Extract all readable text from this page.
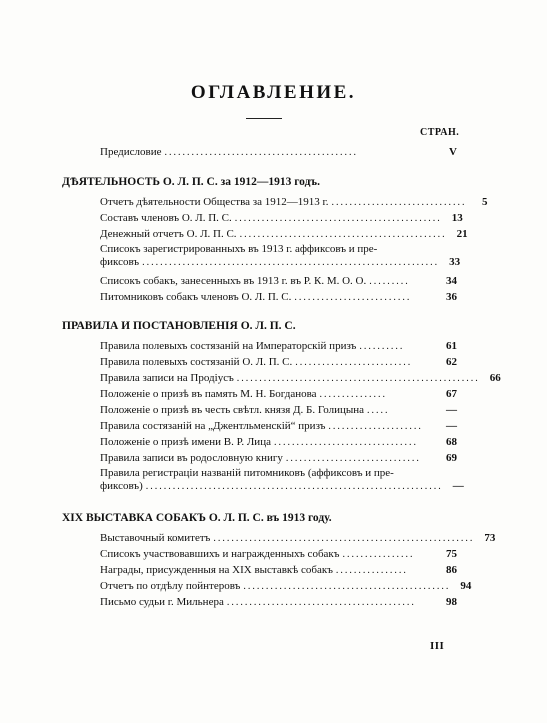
ОГЛАВЛЕНИЕ.
СТРАН.
Предисловие ...........................................	V
ДѢЯТЕЛЬНОСТЬ О. Л. П. С. за 1912—1913 годъ.
Отчетъ дѣятельности Общества за 1912—1913 г. ..............................	5
Составъ членовъ О. Л. П. С. .............................................. 13
Денежный отчетъ О. Л. П. С. .............................................. 21
Списокъ зарегистрированныхъ въ 1913 г. аффиксовъ и пре-
фиксовъ .................................................................. 33
Списокъ собакъ, занесенныхъ въ 1913 г. въ Р. К. М. О. О. .........	34
Питомниковъ собакъ членовъ О. Л. П. С. ..........................	36
ПРАВИЛА И ПОСТАНОВЛЕНІЯ О. Л. П. С.
Правила полевыхъ состязаній на Императорскій призъ ..........	61
Правила полевыхъ состязаній О. Л. П. С. ..........................	62
Правила записи на Продіусъ ...................................................... 66
Положеніе о призѣ въ память М. Н. Богданова ...............	67
Положеніе о призѣ въ честь свѣтл. князя Д. Б. Голицына .....	—
Правила состязаній на „Джентльменскій“ призъ .....................	—
Положеніе о призѣ имени В. Р. Лица ................................	68
Правила записи въ родословную книгу ..............................	69
Правила регистраціи названій питомниковъ (аффиксовъ и пре-
фиксовъ) .................................................................. —
XIX ВЫСТАВКА СОБАКЪ О. Л. П. С. въ 1913 году.
Выставочный комитетъ .......................................................... 73
Списокъ участвовавшихъ и награжденныхъ собакъ ................	75
Награды, присужденныя на XIX выставкѣ собакъ ................	86
Отчетъ по отдѣлу пойнтеровъ .............................................. 94
Письмо судьи г. Мильнера ..........................................	98
III
